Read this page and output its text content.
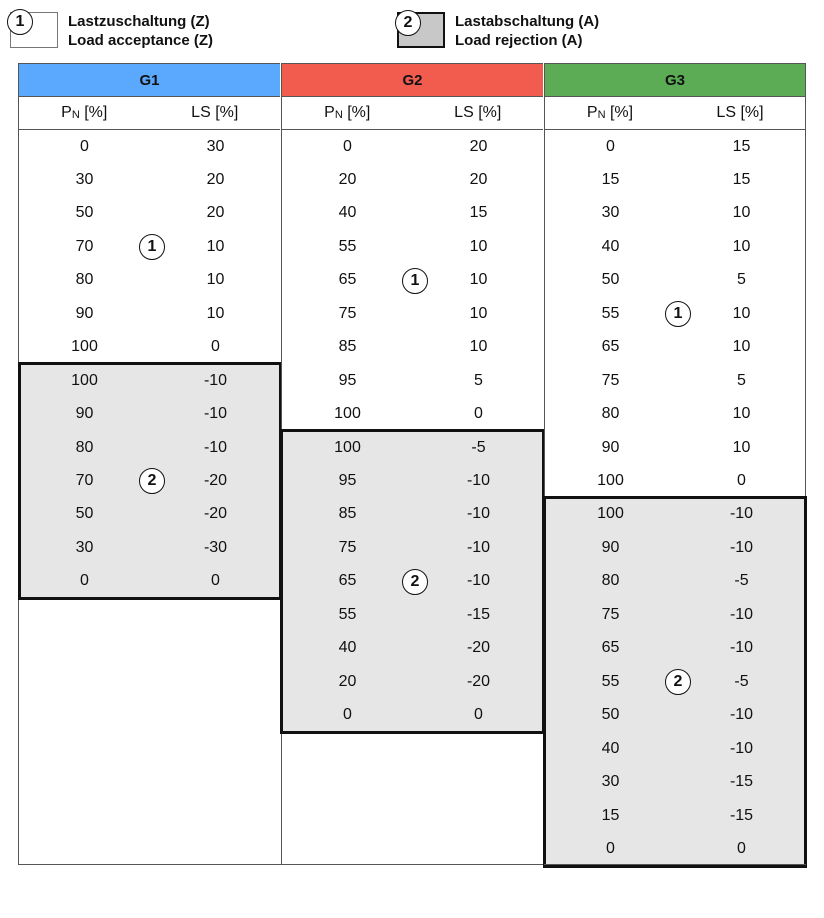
1	Lastzuschaltung (Z)
Load acceptance (Z)
2	Lastabschaltung (A)
Load rejection (A)
G1
$P_N$ [%]	LS [%]
0	30
30	20
50	20
70	10
80	10
90	10
100	0
100	-10
90	-10
80	-10
70	-20
50	-20
30	-30
0	0
1
2
G2
$P_N$ [%]	LS [%]
0	20
20	20
40	15
55	10
65	10
75	10
85	10
95	5
100	0
100	-5
95	-10
85	-10
75	-10
65	-10
55	-15
40	-20
20	-20
0	0
1
2
G3
$P_N$ [%]	LS [%]
0	15
15	15
30	10
40	10
50	5
55	10
65	10
75	5
80	10
90	10
100	0
100	-10
90	-10
80	-5
75	-10
65	-10
55	-5
50	-10
40	-10
30	-15
15	-15
0	0
1
2
